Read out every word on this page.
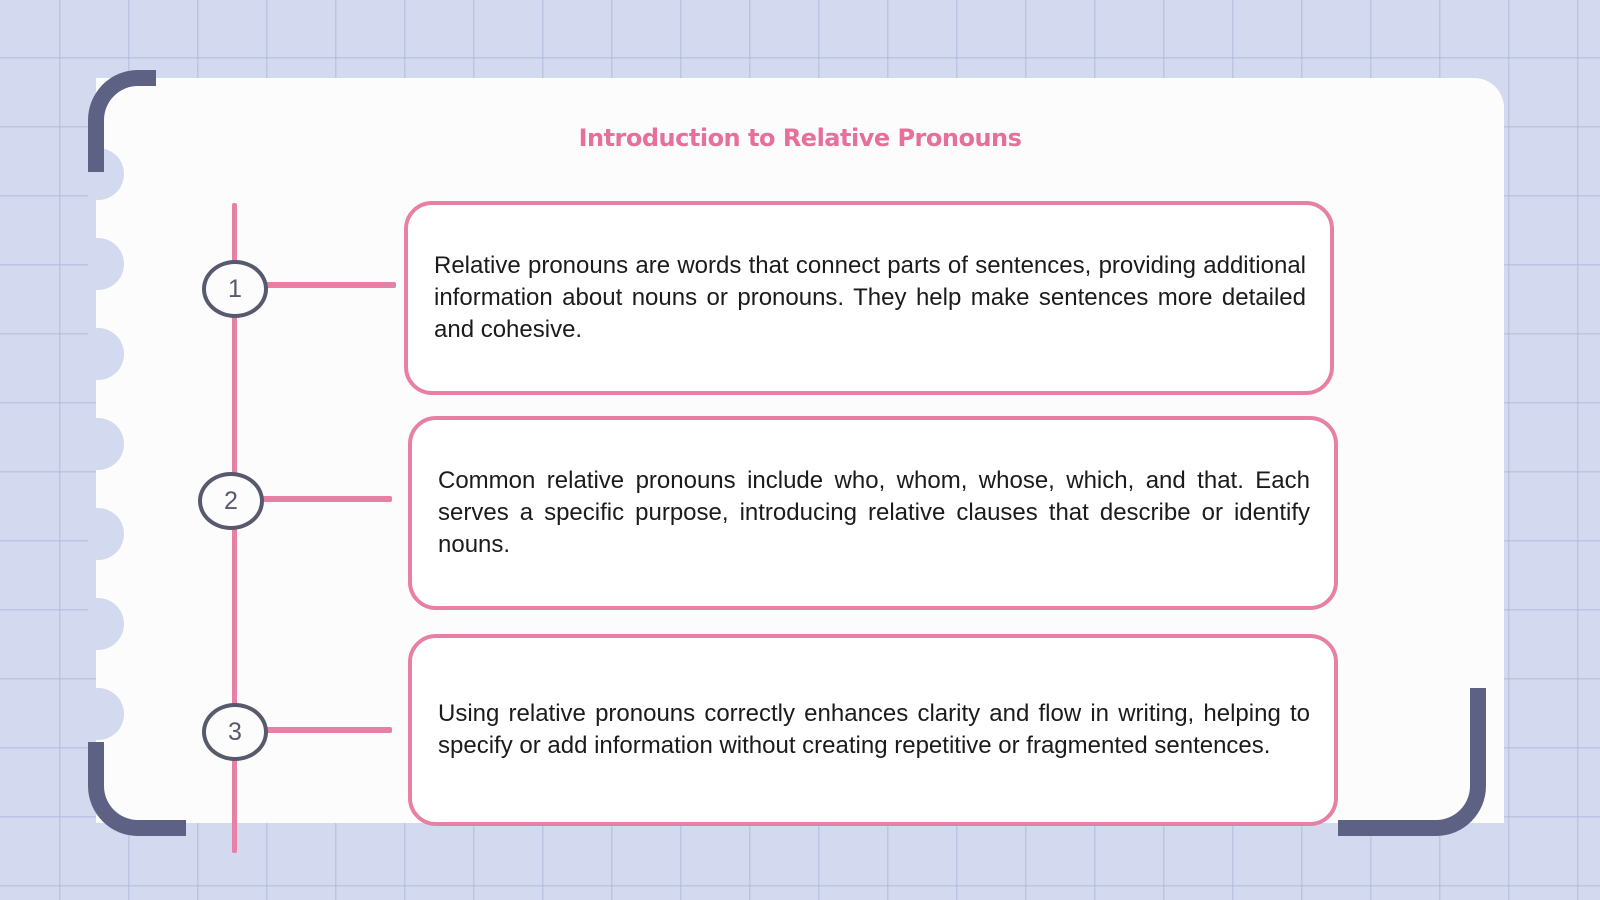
Introduction to Relative Pronouns
1
2
3

Relative pronouns are words that connect parts of sentences, providing additional information about nouns or pronouns. They help make sentences more detailed and cohesive.

Common relative pronouns include who, whom, whose, which, and that. Each serves a specific purpose, introducing relative clauses that describe or identify nouns.

Using relative pronouns correctly enhances clarity and flow in writing, helping to specify or add information without creating repetitive or fragmented sentences.
